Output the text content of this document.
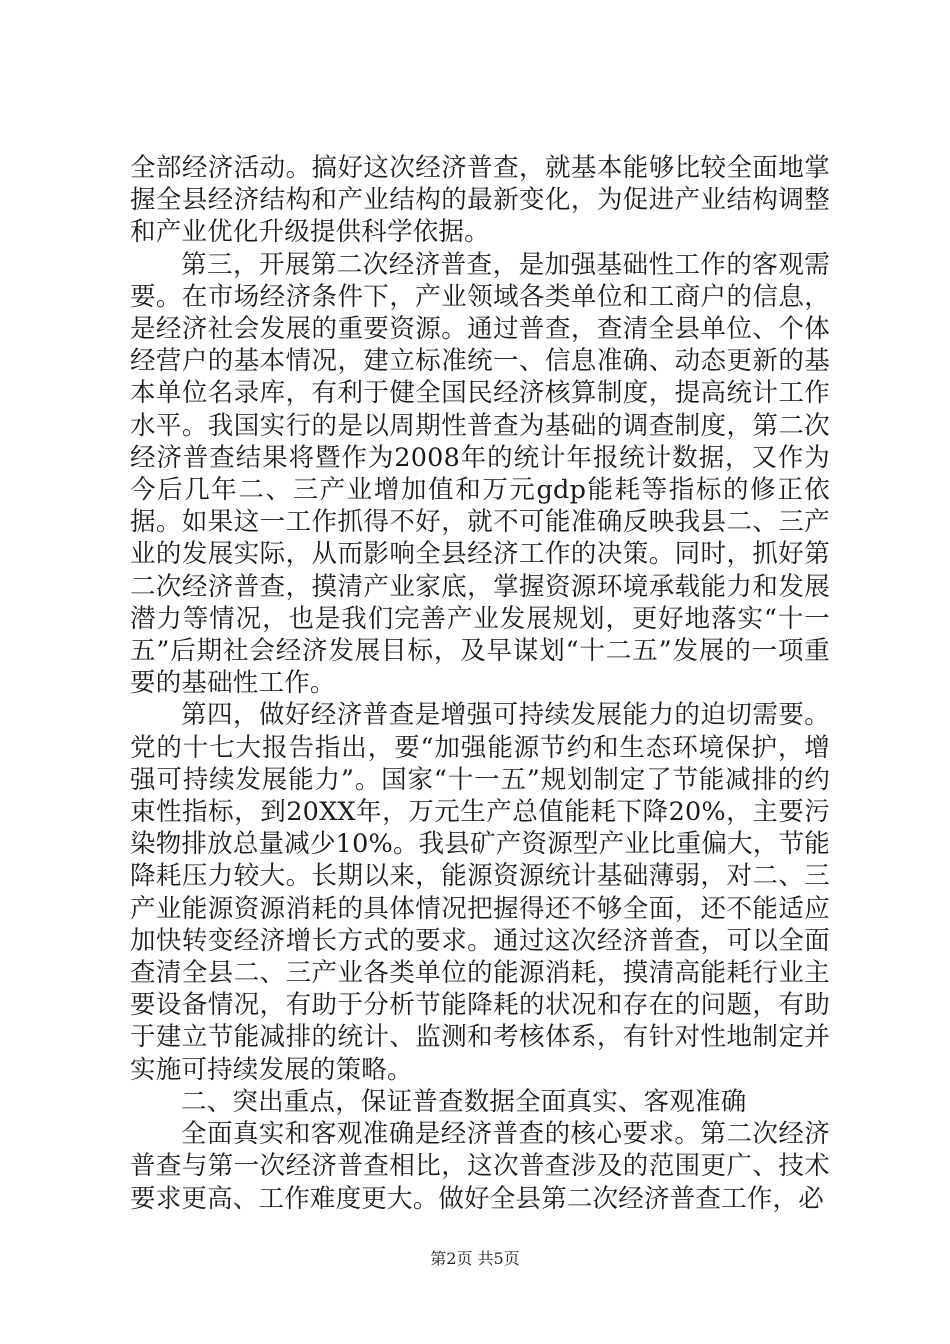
全部经济活动。搞好这次经济普查，就基本能够比较全面地掌握全县经济结构和产业结构的最新变化，为促进产业结构调整和产业优化升级提供科学依据。

第三，开展第二次经济普查，是加强基础性工作的客观需要。在市场经济条件下，产业领域各类单位和工商户的信息，是经济社会发展的重要资源。通过普查，查清全县单位、个体经营户的基本情况，建立标准统一、信息准确、动态更新的基本单位名录库，有利于健全国民经济核算制度，提高统计工作水平。我国实行的是以周期性普查为基础的调查制度，第二次经济普查结果将暨作为2008年的统计年报统计数据，又作为今后几年二、三产业增加值和万元gdp能耗等指标的修正依据。如果这一工作抓得不好，就不可能准确反映我县二、三产业的发展实际，从而影响全县经济工作的决策。同时，抓好第二次经济普查，摸清产业家底，掌握资源环境承载能力和发展潜力等情况，也是我们完善产业发展规划，更好地落实“十一五”后期社会经济发展目标，及早谋划“十二五”发展的一项重要的基础性工作。

第四，做好经济普查是增强可持续发展能力的迫切需要。党的十七大报告指出，要“加强能源节约和生态环境保护，增强可持续发展能力”。国家“十一五”规划制定了节能减排的约束性指标，到20XX年，万元生产总值能耗下降20%，主要污染物排放总量减少10%。我县矿产资源型产业比重偏大，节能降耗压力较大。长期以来，能源资源统计基础薄弱，对二、三产业能源资源消耗的具体情况把握得还不够全面，还不能适应加快转变经济增长方式的要求。通过这次经济普查，可以全面查清全县二、三产业各类单位的能源消耗，摸清高能耗行业主要设备情况，有助于分析节能降耗的状况和存在的问题，有助于建立节能减排的统计、监测和考核体系，有针对性地制定并实施可持续发展的策略。

二、突出重点，保证普查数据全面真实、客观准确

全面真实和客观准确是经济普查的核心要求。第二次经济普查与第一次经济普查相比，这次普查涉及的范围更广、技术要求更高、工作难度更大。做好全县第二次经济普查工作，必

第2页 共5页
